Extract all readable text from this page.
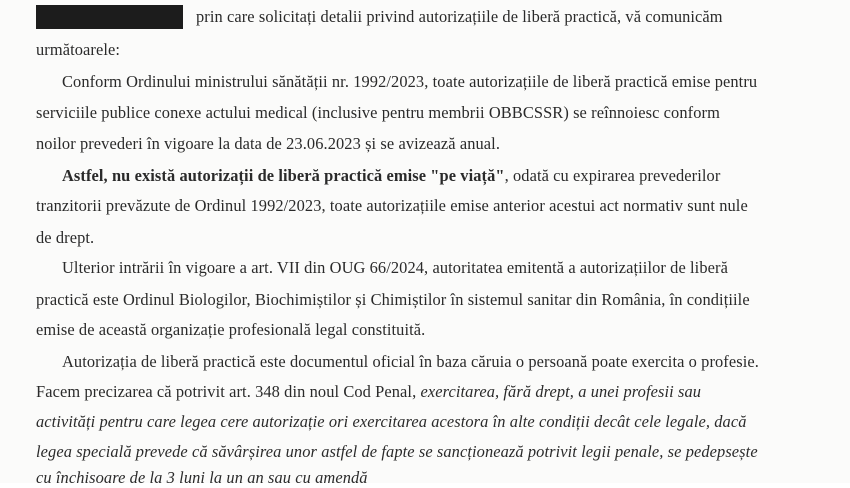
prin care solicitați detalii privind autorizațiile de liberă practică, vă comunicăm
următoarele:
Conform Ordinului ministrului sănătății nr. 1992/2023, toate autorizațiile de liberă practică emise pentru
serviciile publice conexe actului medical (inclusive pentru membrii OBBCSSR) se reînnoiesc conform
noilor prevederi în vigoare la data de 23.06.2023 și se avizează anual.
Astfel, nu există autorizații de liberă practică emise "pe viață", odată cu expirarea prevederilor
tranzitorii prevăzute de Ordinul 1992/2023, toate autorizațiile emise anterior acestui act normativ sunt nule
de drept.
Ulterior intrării în vigoare a art. VII din OUG 66/2024, autoritatea emitentă a autorizațiilor de liberă
practică este Ordinul Biologilor, Biochimiștilor și Chimiștilor în sistemul sanitar din România, în condițiile
emise de această organizație profesională legal constituită.
Autorizația de liberă practică este documentul oficial în baza căruia o persoană poate exercita o profesie.
Facem precizarea că potrivit art. 348 din noul Cod Penal, exercitarea, fără drept, a unei profesii sau
activități pentru care legea cere autorizație ori exercitarea acestora în alte condiții decât cele legale, dacă
legea specială prevede că săvârșirea unor astfel de fapte se sancționează potrivit legii penale, se pedepsește
cu închisoare de la 3 luni la un an sau cu amendă
